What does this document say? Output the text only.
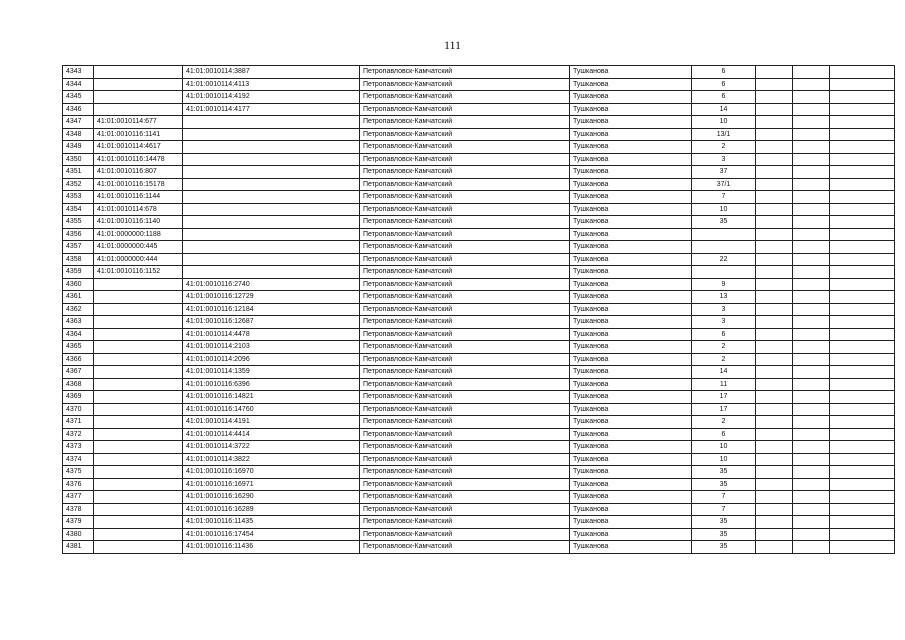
111
4343		41:01:0010114:3887	Петропавловск-Камчатский	Тушканова	6			
4344		41:01:0010114:4113	Петропавловск-Камчатский	Тушканова	6			
4345		41:01:0010114:4192	Петропавловск-Камчатский	Тушканова	6			
4346		41:01:0010114:4177	Петропавловск-Камчатский	Тушканова	14			
4347	41:01:0010114:677		Петропавловск-Камчатский	Тушканова	10			
4348	41:01:0010116:1141		Петропавловск-Камчатский	Тушканова	13/1			
4349	41:01:0010114:4617		Петропавловск-Камчатский	Тушканова	2			
4350	41:01:0010116:14478		Петропавловск-Камчатский	Тушканова	3			
4351	41:01:0010116:807		Петропавловск-Камчатский	Тушканова	37			
4352	41:01:0010116:15178		Петропавловск-Камчатский	Тушканова	37/1			
4353	41:01:0010116:1144		Петропавловск-Камчатский	Тушканова	7			
4354	41:01:0010114:678		Петропавловск-Камчатский	Тушканова	10			
4355	41:01:0010116:1140		Петропавловск-Камчатский	Тушканова	35			
4356	41:01:0000000:1188		Петропавловск-Камчатский	Тушканова				
4357	41:01:0000000:445		Петропавловск-Камчатский	Тушканова				
4358	41:01:0000000:444		Петропавловск-Камчатский	Тушканова	22			
4359	41:01:0010116:1152		Петропавловск-Камчатский	Тушканова				
4360		41:01:0010116:2740	Петропавловск-Камчатский	Тушканова	9			
4361		41:01:0010116:12729	Петропавловск-Камчатский	Тушканова	13			
4362		41:01:0010116:12184	Петропавловск-Камчатский	Тушканова	3			
4363		41:01:0010116:12687	Петропавловск-Камчатский	Тушканова	3			
4364		41:01:0010114:4478	Петропавловск-Камчатский	Тушканова	6			
4365		41:01:0010114:2103	Петропавловск-Камчатский	Тушканова	2			
4366		41:01:0010114:2096	Петропавловск-Камчатский	Тушканова	2			
4367		41:01:0010114:1359	Петропавловск-Камчатский	Тушканова	14			
4368		41:01:0010116:6396	Петропавловск-Камчатский	Тушканова	11			
4369		41:01:0010116:14821	Петропавловск-Камчатский	Тушканова	17			
4370		41:01:0010116:14760	Петропавловск-Камчатский	Тушканова	17			
4371		41:01:0010114:4191	Петропавловск-Камчатский	Тушканова	2			
4372		41:01:0010114:4414	Петропавловск-Камчатский	Тушканова	6			
4373		41:01:0010114:3722	Петропавловск-Камчатский	Тушканова	10			
4374		41:01:0010114:3822	Петропавловск-Камчатский	Тушканова	10			
4375		41:01:0010116:16970	Петропавловск-Камчатский	Тушканова	35			
4376		41:01:0010116:16971	Петропавловск-Камчатский	Тушканова	35			
4377		41:01:0010116:16290	Петропавловск-Камчатский	Тушканова	7			
4378		41:01:0010116:16289	Петропавловск-Камчатский	Тушканова	7			
4379		41:01:0010116:11435	Петропавловск-Камчатский	Тушканова	35			
4380		41:01:0010116:17454	Петропавловск-Камчатский	Тушканова	35			
4381		41:01:0010116:11436	Петропавловск-Камчатский	Тушканова	35			
